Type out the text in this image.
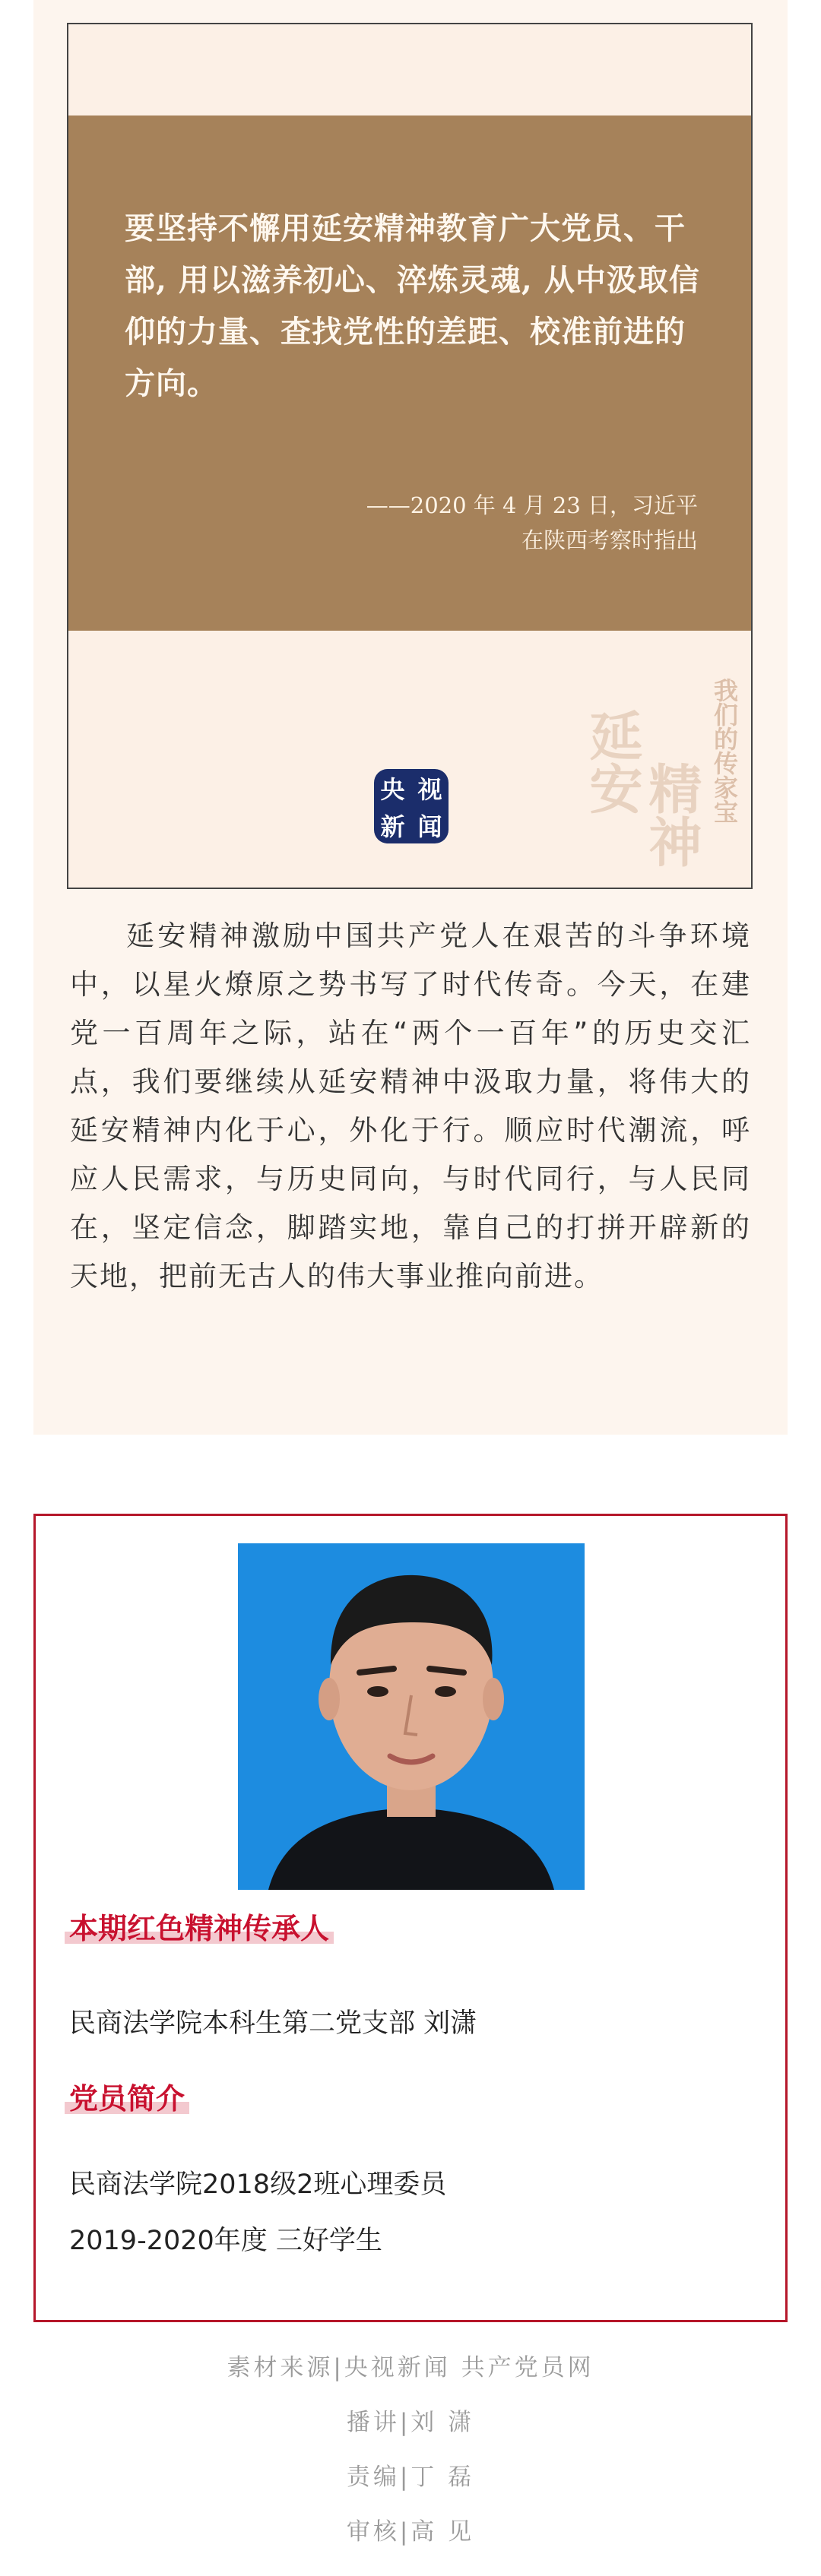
要坚持不懈用延安精神教育广大党员、干部, 用以滋养初心、淬炼灵魂, 从中汲取信仰的力量、查找党性的差距、校准前进的方向。
——2020 年 4 月 23 日，习近平
在陕西考察时指出
延安
精神 我们的传家宝
央 视
新 闻
延安精神激励中国共产党人在艰苦的斗争环境中，以星火燎原之势书写了时代传奇。今天，在建党一百周年之际，站在“两个一百年”的历史交汇点，我们要继续从延安精神中汲取力量，将伟大的延安精神内化于心，外化于行。顺应时代潮流，呼应人民需求，与历史同向，与时代同行，与人民同在，坚定信念，脚踏实地，靠自己的打拼开辟新的天地，把前无古人的伟大事业推向前进。
本期红色精神传承人
民商法学院本科生第二党支部 刘潇
党员简介
民商法学院2018级2班心理委员
2019-2020年度 三好学生
素材来源|央视新闻 共产党员网
播讲|刘 潇
责编|丁 磊
审核|高 见
